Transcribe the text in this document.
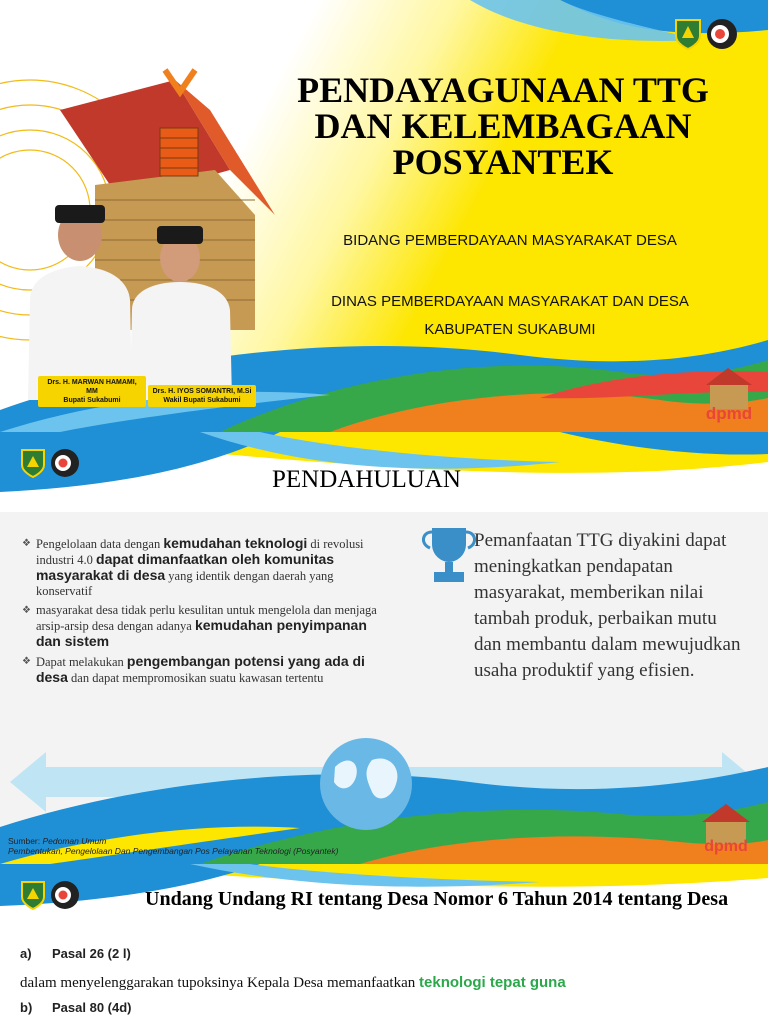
PENDAYAGUNAAN TTG DAN KELEMBAGAAN POSYANTEK
BIDANG PEMBERDAYAAN MASYARAKAT DESA
DINAS PEMBERDAYAAN MASYARAKAT DAN DESA KABUPATEN SUKABUMI
Drs. H. MARWAN HAMAMI, MM
Bupati Sukabumi
Drs. H. IYOS SOMANTRI, M.Si
Wakil Bupati Sukabumi
dpmd
PENDAHULUAN
❖ Pengelolaan data dengan kemudahan teknologi di revolusi industri 4.0 dapat dimanfaatkan oleh komunitas masyarakat di desa yang identik dengan daerah yang konservatif
❖ masyarakat desa tidak perlu kesulitan untuk mengelola dan menjaga arsip-arsip desa dengan adanya kemudahan penyimpanan dan sistem
❖ Dapat melakukan pengembangan potensi yang ada di desa dan dapat mempromosikan suatu kawasan tertentu
Pemanfaatan TTG diyakini dapat meningkatkan pendapatan masyarakat, memberikan nilai tambah produk, perbaikan mutu dan membantu dalam mewujudkan usaha produktif yang efisien.
Sumber: Pedoman Umum
Pembentukan, Pengelolaan Dan Pengembangan Pos Pelayanan Teknologi (Posyantek)	dpmd
Undang Undang RI tentang Desa Nomor 6 Tahun 2014 tentang Desa
a) Pasal 26 (2 l)
dalam menyelenggarakan tupoksinya Kepala Desa memanfaatkan teknologi tepat guna
b) Pasal 80 (4d)
